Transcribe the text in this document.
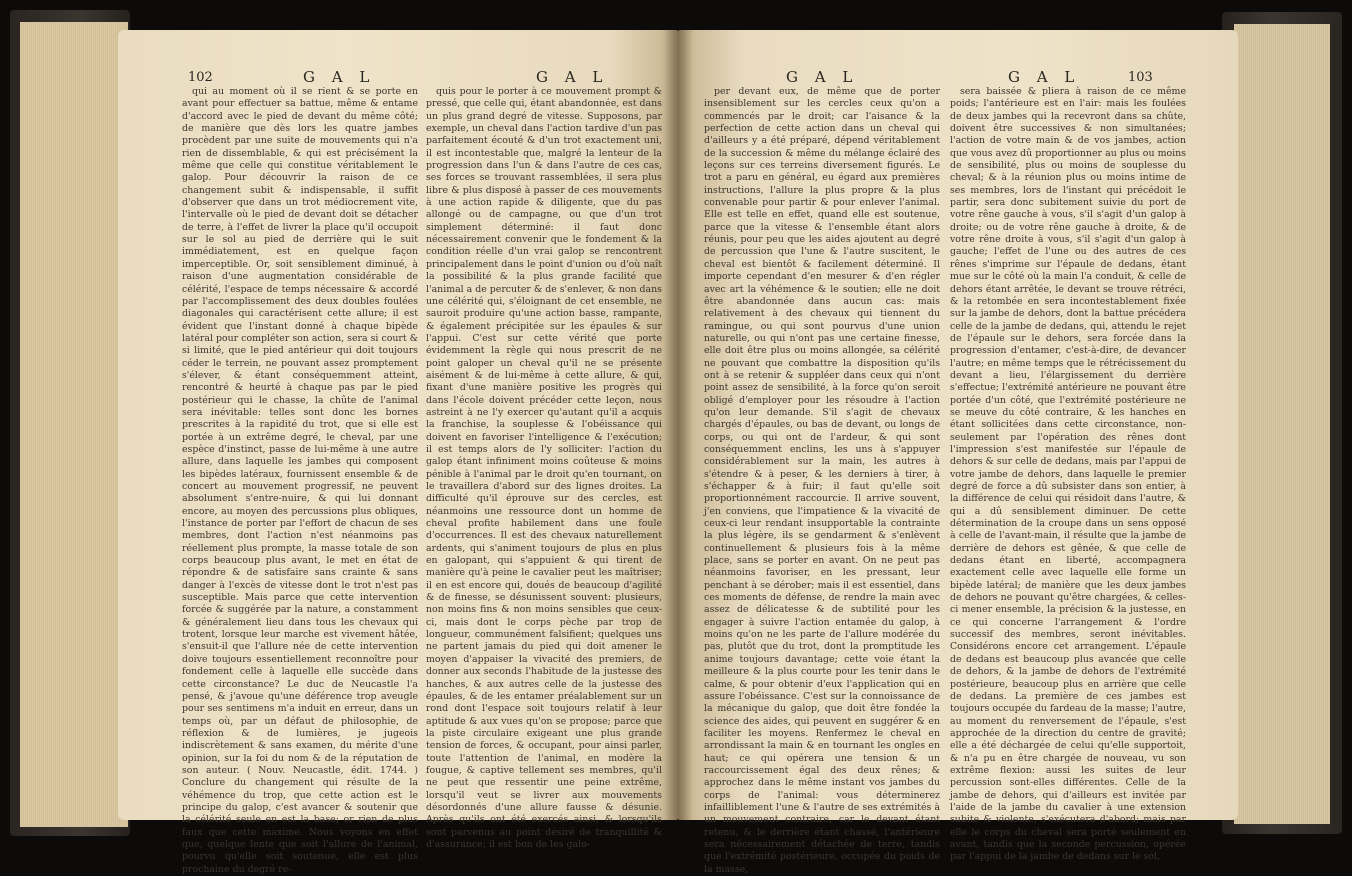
102	G A L	G A L

qui au moment où il se rient & se porte en avant pour effectuer sa battue, même & entame d'accord avec le pied de devant du même côté; de manière que dès lors les quatre jambes procèdent par une suite de mouvements qui n'a rien de dissemblable, & qui est précisément la même que celle qui constitue véritablement le galop. Pour découvrir la raison de ce changement subit & indispensable, il suffit d'observer que dans un trot médiocrement vite, l'intervalle où le pied de devant doit se détacher de terre, à l'effet de livrer la place qu'il occupoit sur le sol au pied de derrière qui le suit immédiatement, est en quelque façon imperceptible. Or, soit sensiblement diminué, à raison d'une augmentation considérable de célérité, l'espace de temps nécessaire & accordé par l'accomplissement des deux doubles foulées diagonales qui caractérisent cette allure; il est évident que l'instant donné à chaque bipède latéral pour compléter son action, sera si court & si limité, que le pied antérieur qui doit toujours céder le terrein, ne pouvant assez promptement s'élever, & étant conséquemment atteint, rencontré & heurté à chaque pas par le pied postérieur qui le chasse, la chûte de l'animal sera inévitable: telles sont donc les bornes prescrites à la rapidité du trot, que si elle est portée à un extrême degré, le cheval, par une espèce d'instinct, passe de lui-même à une autre allure, dans laquelle les jambes qui composent les bipèdes latéraux, fournissent ensemble & de concert au mouvement progressif, ne peuvent absolument s'entre-nuire, & qui lui donnant encore, au moyen des percussions plus obliques, l'instance de porter par l'effort de chacun de ses membres, dont l'action n'est néanmoins pas réellement plus prompte, la masse totale de son corps beaucoup plus avant, le met en état de répondre & de satisfaire sans crainte & sans danger à l'excès de vitesse dont le trot n'est pas susceptible. Mais parce que cette intervention forcée & suggérée par la nature, a constamment & généralement lieu dans tous les chevaux qui trotent, lorsque leur marche est vivement hâtée, s'ensuit-il que l'allure née de cette intervention doive toujours essentiellement reconnoître pour fondement celle à laquelle elle succède dans cette circonstance? Le duc de Neucastle l'a pensé, & j'avoue qu'une déférence trop aveugle pour ses sentimens m'a induit en erreur, dans un temps où, par un défaut de philosophie, de réflexion & de lumières, je jugeois indiscrètement & sans examen, du mérite d'une opinion, sur la foi du nom & de la réputation de son auteur. ( Nouv. Neucastle, édit. 1744. ) Conclure du changement qui résulte de la véhémence du trop, que cette action est le principe du galop, c'est avancer & soutenir que la célérité seule en est la base; or rien de plus faux que cette maxime. Nous voyons en effet que, quelque lente que soit l'allure de l'animal, pourvu qu'elle soit soutenue, elle est plus prochaine du degré re-

quis pour le porter à ce mouvement prompt & pressé, que celle qui, étant abandonnée, est dans un plus grand degré de vitesse. Supposons, par exemple, un cheval dans l'action tardive d'un pas parfaitement écouté & d'un trot exactement uni, il est incontestable que, malgré la lenteur de la progression dans l'un & dans l'autre de ces cas, ses forces se trouvant rassemblées, il sera plus libre & plus disposé à passer de ces mouvements à une action rapide & diligente, que du pas allongé ou de campagne, ou que d'un trot simplement déterminé: il faut donc nécessairement convenir que le fondement & la condition réelle d'un vrai galop se rencontrent principalement dans le point d'union ou d'où naît la possibilité & la plus grande facilité que l'animal a de percuter & de s'enlever, & non dans une célérité qui, s'éloignant de cet ensemble, ne sauroit produire qu'une action basse, rampante, & également précipitée sur les épaules & sur l'appui. C'est sur cette vérité que porte évidemment la règle qui nous prescrit de ne point galoper un cheval qu'il ne se présente aisément & de lui-même à cette allure, & qui, fixant d'une manière positive les progrès qui dans l'école doivent précéder cette leçon, nous astreint à ne l'y exercer qu'autant qu'il a acquis la franchise, la souplesse & l'obéissance qui doivent en favoriser l'intelligence & l'exécution; il est temps alors de l'y solliciter: l'action du galop étant infiniment moins coûteuse & moins pénible à l'animal par le droit qu'en tournant, on le travaillera d'abord sur des lignes droites. La difficulté qu'il éprouve sur des cercles, est néanmoins une ressource dont un homme de cheval profite habilement dans une foule d'occurrences. Il est des chevaux naturellement ardents, qui s'animent toujours de plus en plus en galopant, qui s'appuient & qui tirent de manière qu'à peine le cavalier peut les maîtriser; il en est encore qui, doués de beaucoup d'agilité & de finesse, se désunissent souvent: plusieurs, non moins fins & non moins sensibles que ceux-ci, mais dont le corps pèche par trop de longueur, communément falsifient; quelques uns ne partent jamais du pied qui doit amener le moyen d'appaiser la vivacité des premiers, de donner aux seconds l'habitude de la justesse des hanches, & aux autres celle de la justesse des épaules, & de les entamer préalablement sur un rond dont l'espace soit toujours relatif à leur aptitude & aux vues qu'on se propose; parce que la piste circulaire exigeant une plus grande tension de forces, & occupant, pour ainsi parler, toute l'attention de l'animal, en modère la fougue, & captive tellement ses membres, qu'il ne peut que ressentir une peine extrême, lorsqu'il veut se livrer aux mouvements désordonnés d'une allure fausse & désunie. Après qu'ils ont été exercés ainsi, & lorsqu'ils sont parvenus au point désiré de tranquillité & d'assurance; il est bon de les galo-

G A L	G A L	103

per devant eux, de même que de porter insensiblement sur les cercles ceux qu'on a commencés par le droit; car l'aisance & la perfection de cette action dans un cheval qui d'ailleurs y a été préparé, dépend véritablement de la succession & même du mélange éclairé des leçons sur ces terreins diversement figurés. Le trot a paru en général, eu égard aux premières instructions, l'allure la plus propre & la plus convenable pour partir & pour enlever l'animal. Elle est telle en effet, quand elle est soutenue, parce que la vitesse & l'ensemble étant alors réunis, pour peu que les aides ajoutent au degré de percussion que l'une & l'autre suscitent, le cheval est bientôt & facilement déterminé. Il importe cependant d'en mesurer & d'en régler avec art la véhémence & le soutien; elle ne doit être abandonnée dans aucun cas: mais relativement à des chevaux qui tiennent du ramingue, ou qui sont pourvus d'une union naturelle, ou qui n'ont pas une certaine finesse, elle doit être plus ou moins allongée, sa célérité ne pouvant que combattre la disposition qu'ils ont à se retenir & suppléer dans ceux qui n'ont point assez de sensibilité, à la force qu'on seroit obligé d'employer pour les résoudre à l'action qu'on leur demande. S'il s'agit de chevaux chargés d'épaules, ou bas de devant, ou longs de corps, ou qui ont de l'ardeur, & qui sont conséquemment enclins, les uns à s'appuyer considérablement sur la main, les autres à s'étendre & à peser, & les derniers à tirer, à s'échapper & à fuir; il faut qu'elle soit proportionnément raccourcie. Il arrive souvent, j'en conviens, que l'impatience & la vivacité de ceux-ci leur rendant insupportable la contrainte la plus légère, ils se gendarment & s'enlèvent continuellement & plusieurs fois à la même place, sans se porter en avant. On ne peut pas néanmoins favoriser, en les pressant, leur penchant à se dérober; mais il est essentiel, dans ces moments de défense, de rendre la main avec assez de délicatesse & de subtilité pour les engager à suivre l'action entamée du galop, à moins qu'on ne les parte de l'allure modérée du pas, plutôt que du trot, dont la promptitude les anime toujours davantage; cette voie étant la meilleure & la plus courte pour les tenir dans le calme, & pour obtenir d'eux l'application qui en assure l'obéissance. C'est sur la connoissance de la mécanique du galop, que doit être fondée la science des aides, qui peuvent en suggérer & en faciliter les moyens. Renfermez le cheval en arrondissant la main & en tournant les ongles en haut; ce qui opérera une tension & un raccourcissement égal des deux rênes; & approchez dans le même instant vos jambes du corps de l'animal: vous déterminerez infailliblement l'une & l'autre de ses extrémités à un mouvement contraire, car le devant étant retenu, & le derrière étant chassé, l'antérieure sera nécessairement détachée de terre, tandis que l'extrémité postérieure, occupée du poids de la masse,

sera baissée & pliera à raison de ce même poids; l'antérieure est en l'air: mais les foulées de deux jambes qui la recevront dans sa chûte, doivent être successives & non simultanées; l'action de votre main & de vos jambes, action que vous avez dû proportionner au plus ou moins de sensibilité, plus ou moins de souplesse du cheval; & à la réunion plus ou moins intime de ses membres, lors de l'instant qui précédoit le partir, sera donc subitement suivie du port de votre rêne gauche à vous, s'il s'agit d'un galop à droite; ou de votre rêne gauche à droite, & de votre rêne droite à vous, s'il s'agit d'un galop à gauche; l'effet de l'une ou des autres de ces rênes s'imprime sur l'épaule de dedans, étant mue sur le côté où la main l'a conduit, & celle de dehors étant arrêtée, le devant se trouve rétréci, & la retombée en sera incontestablement fixée sur la jambe de dehors, dont la battue précédera celle de la jambe de dedans, qui, attendu le rejet de l'épaule sur le dehors, sera forcée dans la progression d'entamer, c'est-à-dire, de devancer l'autre; en même temps que le rétrécissement du devant a lieu, l'élargissement du derrière s'effectue; l'extrémité antérieure ne pouvant être portée d'un côté, que l'extrémité postérieure ne se meuve du côté contraire, & les hanches en étant sollicitées dans cette circonstance, non-seulement par l'opération des rênes dont l'impression s'est manifestée sur l'épaule de dehors & sur celle de dedans, mais par l'appui de votre jambe de dehors, dans laquelle le premier degré de force a dû subsister dans son entier, à la différence de celui qui résidoit dans l'autre, & qui a dû sensiblement diminuer. De cette détermination de la croupe dans un sens opposé à celle de l'avant-main, il résulte que la jambe de derrière de dehors est gênée, & que celle de dedans étant en liberté, accompagnera exactement celle avec laquelle elle forme un bipède latéral; de manière que les deux jambes de dehors ne pouvant qu'être chargées, & celles-ci mener ensemble, la précision & la justesse, en ce qui concerne l'arrangement & l'ordre successif des membres, seront inévitables. Considérons encore cet arrangement. L'épaule de dedans est beaucoup plus avancée que celle de dehors, & la jambe de dehors de l'extrémité postérieure, beaucoup plus en arrière que celle de dedans. La première de ces jambes est toujours occupée du fardeau de la masse; l'autre, au moment du renversement de l'épaule, s'est approchée de la direction du centre de gravité; elle a été déchargée de celui qu'elle supportoit, & n'a pu en être chargée de nouveau, vu son extrême flexion: aussi les suites de leur percussion sont-elles différentes. Celle de la jambe de dehors, qui d'ailleurs est invitée par l'aide de la jambe du cavalier à une extension subite & violente, s'exécutera d'abord; mais par elle le corps du cheval sera porté seulement en avant, tandis que la seconde percussion, opérée par l'appui de la jambe de dedans sur le sol,
